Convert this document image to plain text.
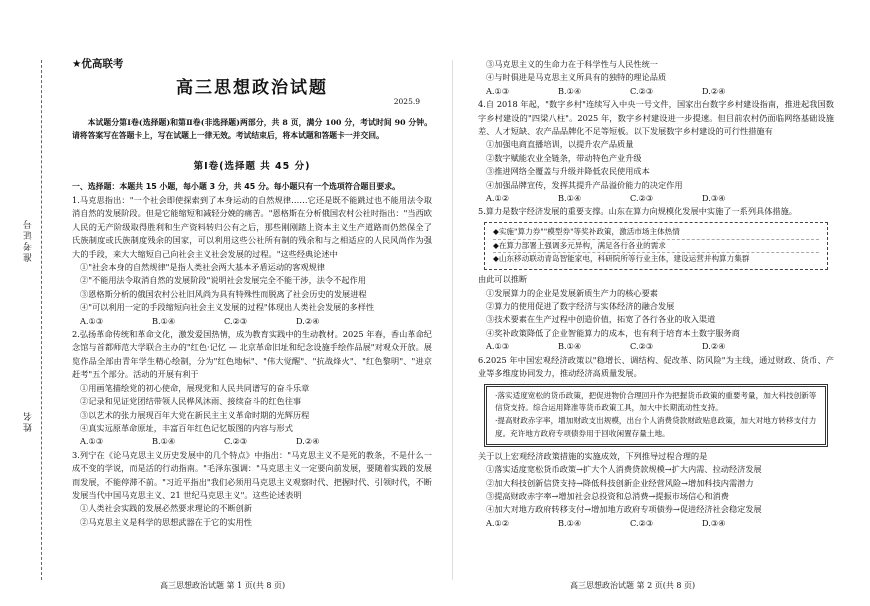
准考证号
姓名
★优高联考
高三思想政治试题
2025.9
本试题分第Ⅰ卷(选择题)和第Ⅱ卷(非选择题)两部分，共 8 页，满分 100 分，考试时间 90 分钟。请将答案写在答题卡上，写在试题上一律无效。考试结束后，将本试题和答题卡一并交回。
第Ⅰ卷(选择题 共 45 分)
一、选择题：本题共 15 小题，每小题 3 分，共 45 分。每小题只有一个选项符合题目要求。
1.马克思指出："一个社会即使探索到了本身运动的自然规律……它还是既不能跳过也不能用法令取消自然的发展阶段。但是它能缩短和减轻分娩的痛苦。"恩格斯在分析俄国农村公社时指出："当西欧人民的无产阶级取得胜利和生产资料转归公有之后，那些刚刚踏上资本主义生产道路而仍然保全了氏族制度或氏族制度残余的国家，可以利用这些公社所有制的残余和与之相适应的人民风尚作为强大的手段，来大大缩短自己向社会主义社会发展的过程。"这些经典论述中
①"社会本身的自然规律"是指人类社会两大基本矛盾运动的客观规律
②"不能用法令取消自然的发展阶段"说明社会发展完全不能干涉，法令不起作用
③恩格斯分析的俄国农村公社旧风尚为具有特殊性而脱离了社会历史的发展进程
④"可以利用一定的手段缩短向社会主义发展的过程"体现出人类社会发展的多样性
A.①③	B.①④	C.②③	D.②④
2.弘扬革命传统和革命文化，激发爱国热情，成为教育实践中的生动教材。2025 年春，香山革命纪念馆与首都师范大学联合主办的"红色·记忆 — 北京革命旧址和纪念设施手绘作品展"对观众开放。展览作品全部由青年学生精心绘制，分为"红色地标"、"伟大觉醒"、"抗战烽火"、"红色黎明"、"进京赶考"五个部分。活动的开展有利于
①用画笔描绘党的初心使命，展现党和人民共同谱写的奋斗乐章
②记录和见证党团结带领人民桦风沐雨、接续奋斗的红色往事
③以艺术的张力展现百年大党在新民主主义革命时期的光辉历程
④真实远原革命原址，丰富百年红色记忆版图的内容与形式
A.①③	B.①④	C.②③	D.②④
3.列宁在《论马克思主义历史发展中的几个特点》中指出："马克思主义不是死的教条，不是什么一成不变的学说，而是活的行动指南。"毛泽东强调："马克思主义一定要向前发展，要随着实践的发展而发展，不能停滞不前。"习近平指出"我们必须用马克思主义观察时代、把握时代、引领时代，不断发展当代中国马克思主义、21 世纪马克思主义"。这些论述表明
①人类社会实践的发展必然要求理论的不断创新
②马克思主义是科学的思想武器在于它的实用性
高三思想政治试题 第 1 页(共 8 页)
③马克思主义的生命力在于科学性与人民性统一
④与时俱进是马克思主义所具有的独特的理论品质
A.①③	B.①④	C.②③	D.②④
4.自 2018 年起，"数字乡村"连续写入中央一号文件，国家出台数字乡村建设指南，推进起我国数字乡村建设的"四梁八柱"。2025 年，数字乡村建设进一步提速。但目前农村仍面临网络基础设施差、人才短缺、农产品品牌化不足等短板。以下发展数字乡村建设的可行性措施有
①加强电商直播培训，以提升农产品质量
②数字赋能农业全链条，带动特色产业升级
③推进网络全覆盖与升级并降低农民使用成本
④加强品牌宣传，发挥其提升产品溢价能力的决定作用
A.①②	B.①④	C.②③	D.③④
5.算力是数字经济发展的重要支撑。山东在算力向规模化发展中实施了一系列具体措施。
◆实施"算力券""模型券"等奖补政策，激活市场主体热情
◆在算力部署上强调多元异构，满足各行各业的需求
◆山东移动联动青岛智能家电，科研院所等行业主体，建设运营并构算力集群
由此可以推断
①发展算力的企业是发展新质生产力的核心要素
②算力的使用促进了数字经济与实体经济的融合发展
③技术要素在生产过程中创造价值，拓宽了各行各业的收入渠道
④奖补政策降低了企业智能算力的成本，也有利于培育本土数字服务商
A.①③	B.①④	C.②③	D.②④
6.2025 年中国宏观经济政策以"稳增长、调结构、促改革、防风险"为主线，通过财政、货币、产业等多维度协同发力，推动经济高质量发展。
·落实适度宽松的货币政策，把促进物价合理回升作为把握货币政策的重要考量，加大科技创新等信贷支持。综合运用降准等货币政策工具，加大中长期流动性支持。
·提高财政赤字率，增加财政支出规模，出台个人消费贷款财政贴息政策，加大对地方转移支付力度。充许地方政府专项债券用于回收闲置存量土地。
关于以上宏观经济政策措施的实施成效，下列推导过程合理的是
①落实适度宽松货币政策→扩大个人消费贷款规模→扩大内需、拉动经济发展
②加大科技创新信贷支持→降低科技创新企业经营风险→增加科技内需潜力
③提高财政赤字率→增加社会总投资和总消费→提振市场信心和消费
④加大对地方政府转移支付→增加地方政府专项债券→促进经济社会稳定发展
A.①②	B.①④	C.②③	D.③④
高三思想政治试题 第 2 页(共 8 页)
